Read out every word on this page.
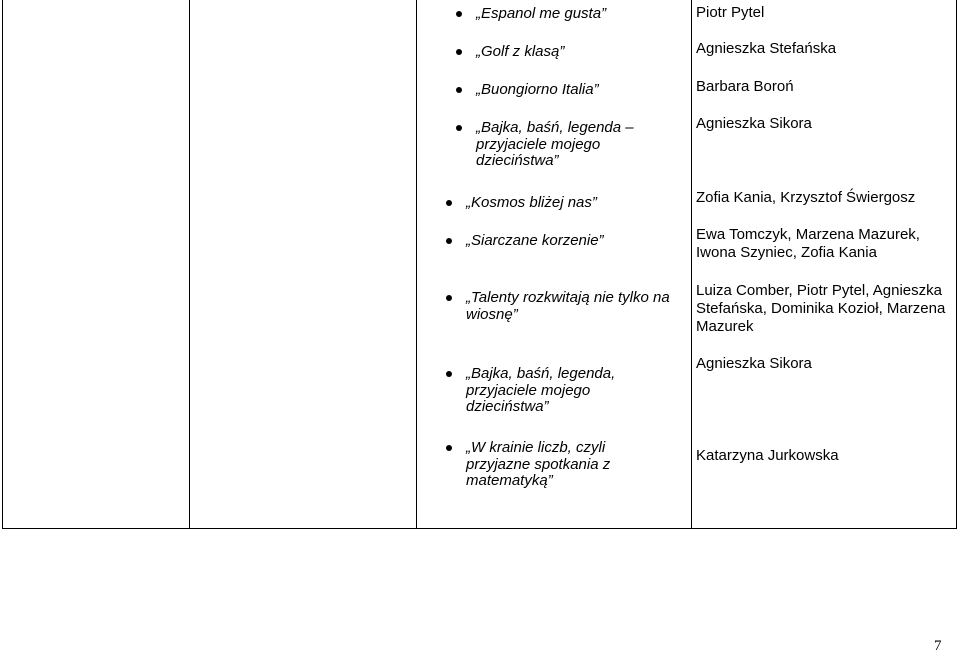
„Espanol me gusta”
„Golf z klasą”
„Buongiorno Italia”
„Bajka, baśń, legenda – przyjaciele mojego dzieciństwa”
„Kosmos bliżej nas”
„Siarczane korzenie”
„Talenty rozkwitają nie tylko na wiosnę”
„Bajka, baśń, legenda, przyjaciele mojego dzieciństwa”
„W krainie liczb, czyli przyjazne spotkania z matematyką”
Piotr Pytel
Agnieszka Stefańska
Barbara Boroń
Agnieszka Sikora
Zofia Kania, Krzysztof Świergosz
Ewa Tomczyk, Marzena Mazurek, Iwona Szyniec, Zofia Kania
Luiza Comber, Piotr Pytel, Agnieszka Stefańska, Dominika Kozioł, Marzena Mazurek
Agnieszka Sikora
Katarzyna Jurkowska
7
